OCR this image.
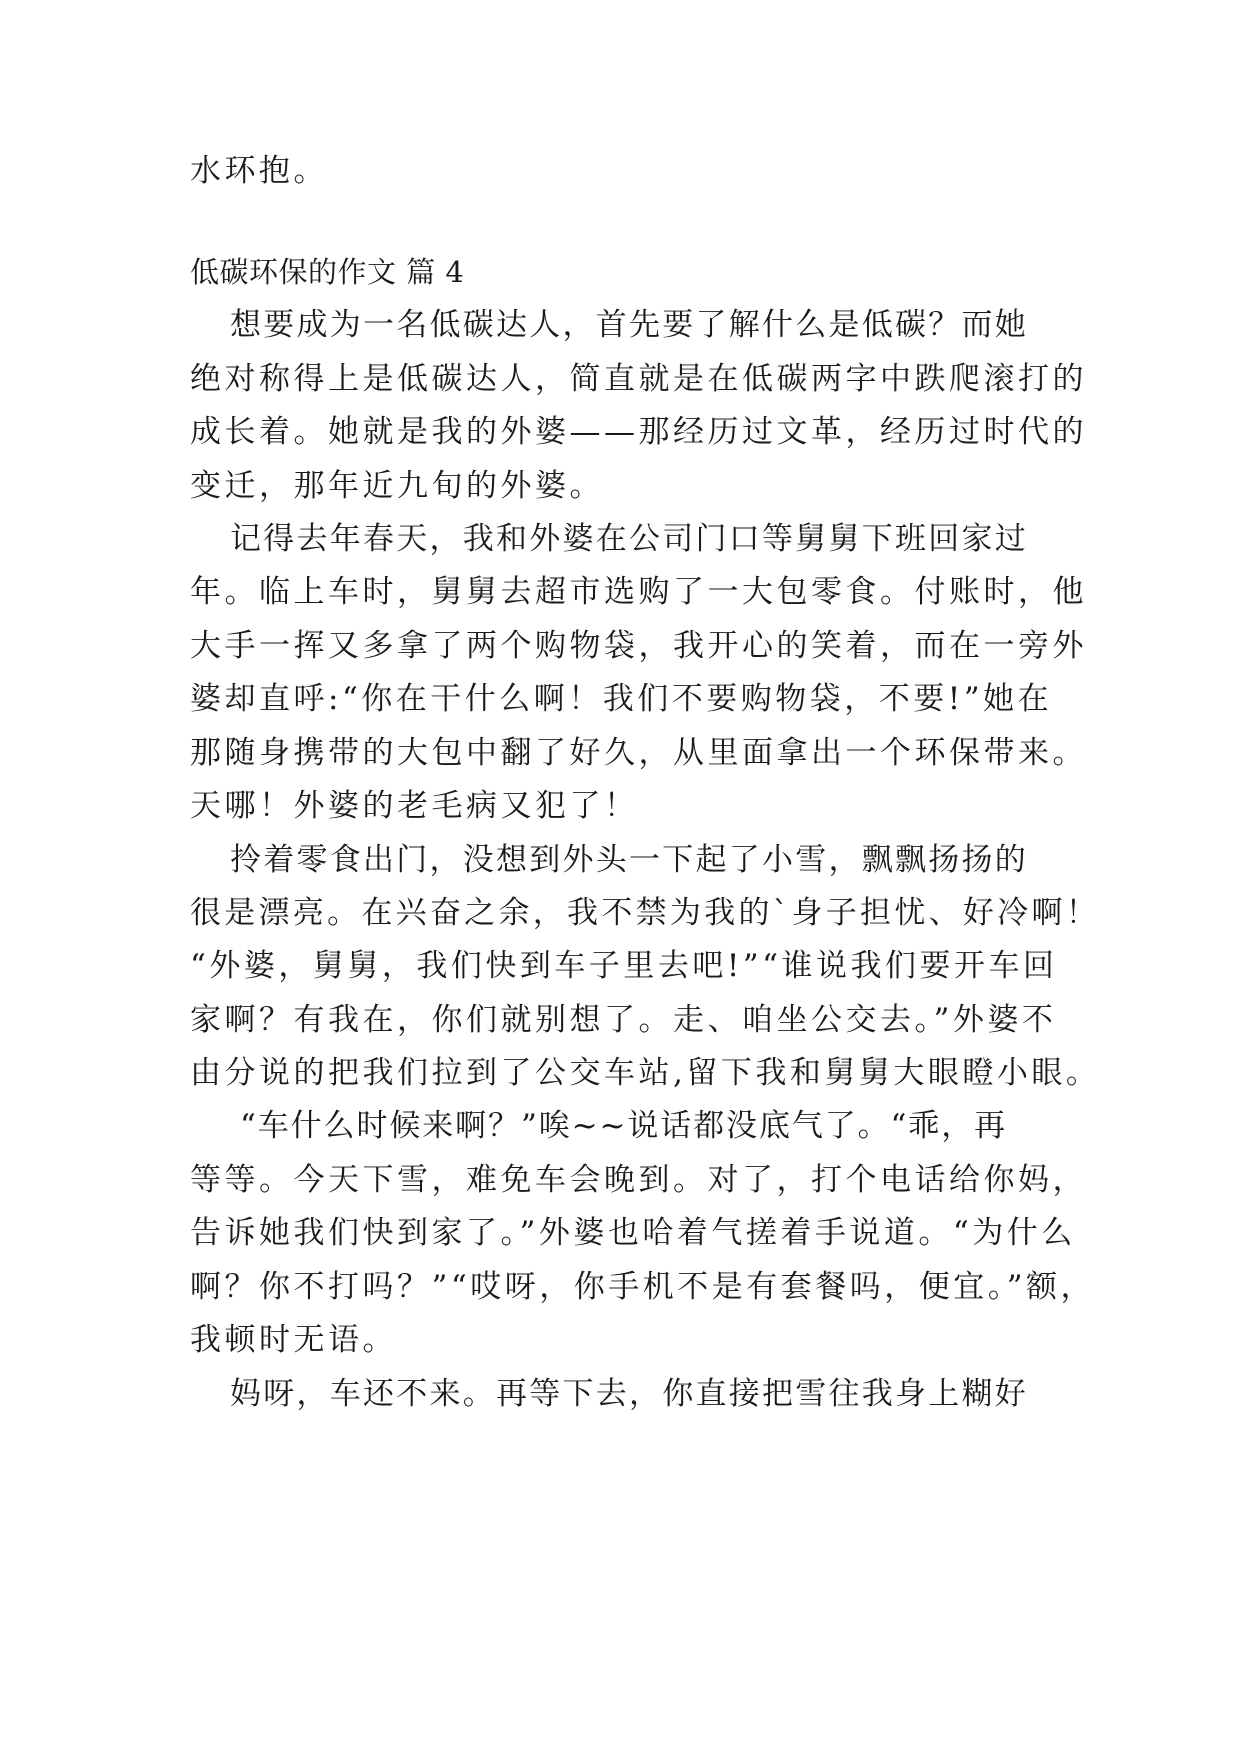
水环抱。
低碳环保的作文 篇 4
想要成为一名低碳达人，首先要了解什么是低碳？而她
绝对称得上是低碳达人，简直就是在低碳两字中跌爬滚打的
成长着。她就是我的外婆——那经历过文革，经历过时代的
变迁，那年近九旬的外婆。
记得去年春天，我和外婆在公司门口等舅舅下班回家过
年。临上车时，舅舅去超市选购了一大包零食。付账时，他
大手一挥又多拿了两个购物袋，我开心的笑着，而在一旁外
婆却直呼:“你在干什么啊！我们不要购物袋，不要!”她在
那随身携带的大包中翻了好久，从里面拿出一个环保带来。
天哪！外婆的老毛病又犯了！
拎着零食出门，没想到外头一下起了小雪，飘飘扬扬的
很是漂亮。在兴奋之余，我不禁为我的`身子担忧、好冷啊！
“外婆，舅舅，我们快到车子里去吧!”“谁说我们要开车回
家啊？有我在，你们就别想了。走、咱坐公交去。”外婆不
由分说的把我们拉到了公交车站,留下我和舅舅大眼瞪小眼。
“车什么时候来啊？”唉~~说话都没底气了。“乖，再
等等。今天下雪，难免车会晚到。对了，打个电话给你妈，
告诉她我们快到家了。”外婆也哈着气搓着手说道。“为什么
啊？你不打吗？”“哎呀，你手机不是有套餐吗，便宜。”额，
我顿时无语。
妈呀，车还不来。再等下去，你直接把雪往我身上糊好
